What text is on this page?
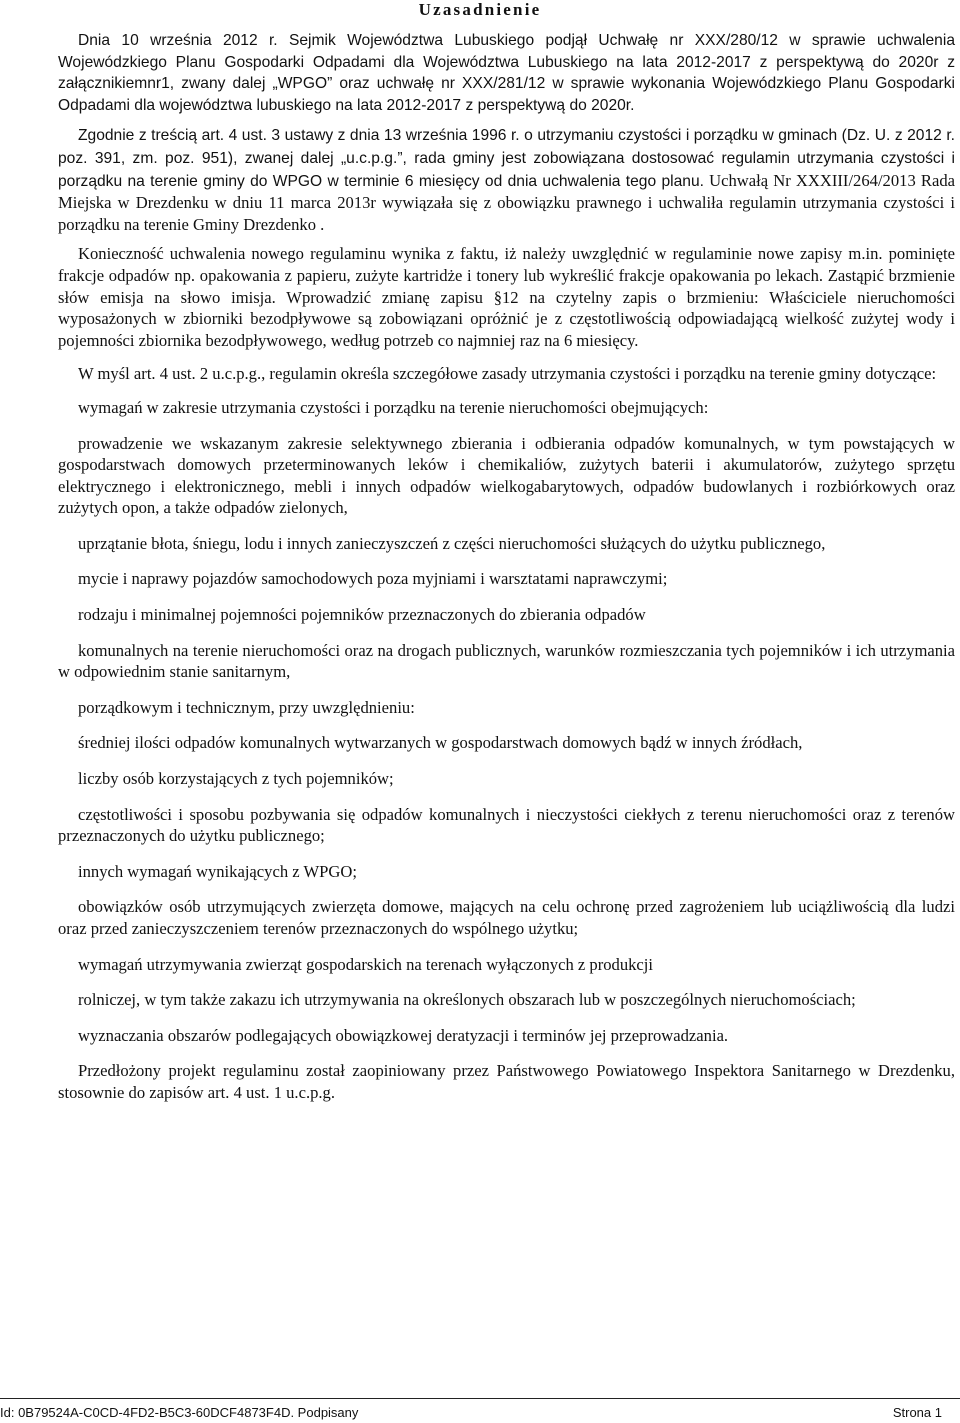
Uzasadnienie

Dnia 10 września 2012 r. Sejmik Województwa Lubuskiego podjął Uchwałę nr XXX/280/12 w sprawie uchwalenia Wojewódzkiego Planu Gospodarki Odpadami dla Województwa Lubuskiego na lata 2012-2017 z perspektywą do 2020r z załącznikiemnr1, zwany dalej „WPGO” oraz uchwałę nr XXX/281/12 w sprawie wykonania Wojewódzkiego Planu Gospodarki Odpadami dla województwa lubuskiego na lata 2012-2017 z perspektywą do 2020r.

Zgodnie z treścią art. 4 ust. 3 ustawy z dnia 13 września 1996 r. o utrzymaniu czystości i porządku w gminach (Dz. U. z 2012 r. poz. 391, zm. poz. 951), zwanej dalej „u.c.p.g.”, rada gminy jest zobowiązana dostosować regulamin utrzymania czystości i porządku na terenie gminy do WPGO w terminie 6 miesięcy od dnia uchwalenia tego planu. Uchwałą Nr XXXIII/264/2013 Rada Miejska w Drezdenku w dniu 11 marca 2013r wywiązała się z obowiązku prawnego i uchwaliła regulamin utrzymania czystości i porządku na terenie Gminy Drezdenko .

Konieczność uchwalenia nowego regulaminu wynika z faktu, iż należy uwzględnić w regulaminie nowe zapisy m.in. pominięte frakcje odpadów np. opakowania z papieru, zużyte kartridże i tonery lub wykreślić frakcje opakowania po lekach. Zastąpić brzmienie słów emisja na słowo imisja. Wprowadzić zmianę zapisu §12 na czytelny zapis o brzmieniu: Właściciele nieruchomości wyposażonych w zbiorniki bezodpływowe są zobowiązani opróżnić je z częstotliwością odpowiadającą wielkość zużytej wody i pojemności zbiornika bezodpływowego, według potrzeb co najmniej raz na 6 miesięcy.

W myśl art. 4 ust. 2 u.c.p.g., regulamin określa szczegółowe zasady utrzymania czystości i porządku na terenie gminy dotyczące:

wymagań w zakresie utrzymania czystości i porządku na terenie nieruchomości obejmujących:

prowadzenie we wskazanym zakresie selektywnego zbierania i odbierania odpadów komunalnych, w tym powstających w gospodarstwach domowych przeterminowanych leków i chemikaliów, zużytych baterii i akumulatorów, zużytego sprzętu elektrycznego i elektronicznego, mebli i innych odpadów wielkogabarytowych, odpadów budowlanych i rozbiórkowych oraz zużytych opon, a także odpadów zielonych,

uprzątanie błota, śniegu, lodu i innych zanieczyszczeń z części nieruchomości służących do użytku publicznego,

mycie i naprawy pojazdów samochodowych poza myjniami i warsztatami naprawczymi;

rodzaju i minimalnej pojemności pojemników przeznaczonych do zbierania odpadów

komunalnych na terenie nieruchomości oraz na drogach publicznych, warunków rozmieszczania tych pojemników i ich utrzymania w odpowiednim stanie sanitarnym,

porządkowym i technicznym, przy uwzględnieniu:

średniej ilości odpadów komunalnych wytwarzanych w gospodarstwach domowych bądź w innych źródłach,

liczby osób korzystających z tych pojemników;

częstotliwości i sposobu pozbywania się odpadów komunalnych i nieczystości ciekłych z terenu nieruchomości oraz z terenów przeznaczonych do użytku publicznego;

innych wymagań wynikających z WPGO;

obowiązków osób utrzymujących zwierzęta domowe, mających na celu ochronę przed zagrożeniem lub uciążliwością dla ludzi oraz przed zanieczyszczeniem terenów przeznaczonych do wspólnego użytku;

wymagań utrzymywania zwierząt gospodarskich na terenach wyłączonych z produkcji

rolniczej, w tym także zakazu ich utrzymywania na określonych obszarach lub w poszczególnych nieruchomościach;

wyznaczania obszarów podlegających obowiązkowej deratyzacji i terminów jej przeprowadzania.

Przedłożony projekt regulaminu został zaopiniowany przez Państwowego Powiatowego Inspektora Sanitarnego w Drezdenku, stosownie do zapisów art. 4 ust. 1 u.c.p.g.

Id: 0B79524A-C0CD-4FD2-B5C3-60DCF4873F4D. Podpisany	Strona 1
